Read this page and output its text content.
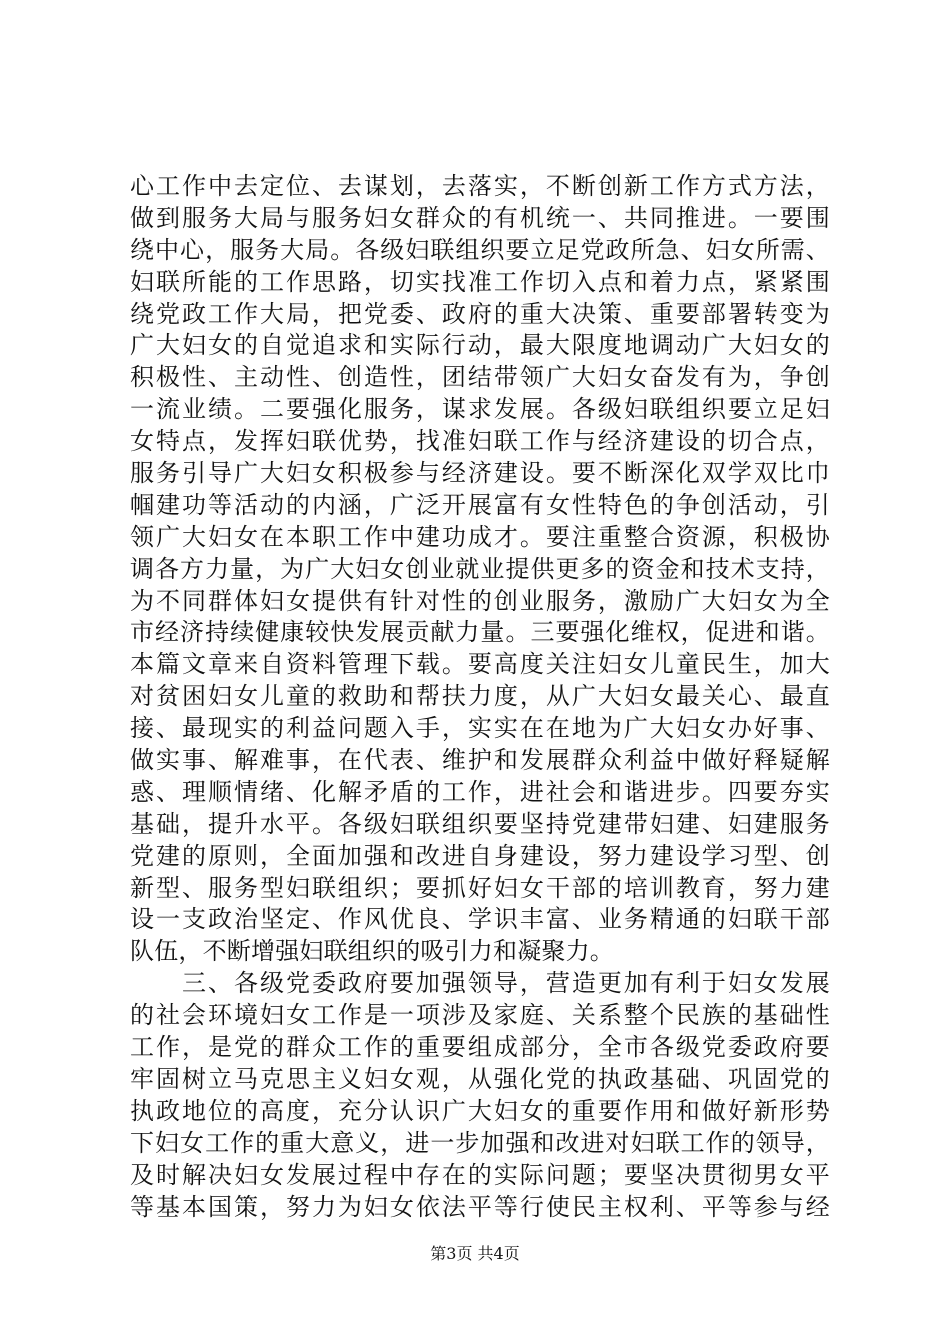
心工作中去定位、去谋划，去落实，不断创新工作方式方法，
做到服务大局与服务妇女群众的有机统一、共同推进。一要围
绕中心，服务大局。各级妇联组织要立足党政所急、妇女所需、
妇联所能的工作思路，切实找准工作切入点和着力点，紧紧围
绕党政工作大局，把党委、政府的重大决策、重要部署转变为
广大妇女的自觉追求和实际行动，最大限度地调动广大妇女的
积极性、主动性、创造性，团结带领广大妇女奋发有为，争创
一流业绩。二要强化服务，谋求发展。各级妇联组织要立足妇
女特点，发挥妇联优势，找准妇联工作与经济建设的切合点，
服务引导广大妇女积极参与经济建设。要不断深化双学双比巾
帼建功等活动的内涵，广泛开展富有女性特色的争创活动，引
领广大妇女在本职工作中建功成才。要注重整合资源，积极协
调各方力量，为广大妇女创业就业提供更多的资金和技术支持，
为不同群体妇女提供有针对性的创业服务，激励广大妇女为全
市经济持续健康较快发展贡献力量。三要强化维权，促进和谐。
本篇文章来自资料管理下载。要高度关注妇女儿童民生，加大
对贫困妇女儿童的救助和帮扶力度，从广大妇女最关心、最直
接、最现实的利益问题入手，实实在在地为广大妇女办好事、
做实事、解难事，在代表、维护和发展群众利益中做好释疑解
惑、理顺情绪、化解矛盾的工作，进社会和谐进步。四要夯实
基础，提升水平。各级妇联组织要坚持党建带妇建、妇建服务
党建的原则，全面加强和改进自身建设，努力建设学习型、创
新型、服务型妇联组织；要抓好妇女干部的培训教育，努力建
设一支政治坚定、作风优良、学识丰富、业务精通的妇联干部
队伍，不断增强妇联组织的吸引力和凝聚力。
　　三、各级党委政府要加强领导，营造更加有利于妇女发展
的社会环境妇女工作是一项涉及家庭、关系整个民族的基础性
工作，是党的群众工作的重要组成部分，全市各级党委政府要
牢固树立马克思主义妇女观，从强化党的执政基础、巩固党的
执政地位的高度，充分认识广大妇女的重要作用和做好新形势
下妇女工作的重大意义，进一步加强和改进对妇联工作的领导，
及时解决妇女发展过程中存在的实际问题；要坚决贯彻男女平
等基本国策，努力为妇女依法平等行使民主权利、平等参与经
第3页 共4页
